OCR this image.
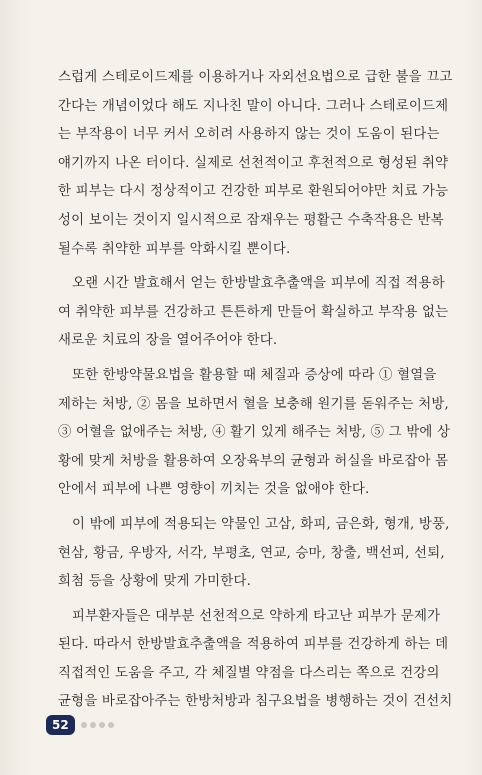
스럽게 스테로이드제를 이용하거나 자외선요법으로 급한 불을 끄고
간다는 개념이었다 해도 지나친 말이 아니다. 그러나 스테로이드제
는 부작용이 너무 커서 오히려 사용하지 않는 것이 도움이 된다는
얘기까지 나온 터이다. 실제로 선천적이고 후천적으로 형성된 취약
한 피부는 다시 정상적이고 건강한 피부로 환원되어야만 치료 가능
성이 보이는 것이지 일시적으로 잠재우는 평활근 수축작용은 반복
될수록 취약한 피부를 악화시킬 뿐이다.
오랜 시간 발효해서 얻는 한방발효추출액을 피부에 직접 적용하
여 취약한 피부를 건강하고 튼튼하게 만들어 확실하고 부작용 없는
새로운 치료의 장을 열어주어야 한다.
또한 한방약물요법을 활용할 때 체질과 증상에 따라 ① 혈열을
제하는 처방, ② 몸을 보하면서 혈을 보충해 원기를 돋워주는 처방,
③ 어혈을 없애주는 처방, ④ 활기 있게 해주는 처방, ⑤ 그 밖에 상
황에 맞게 처방을 활용하여 오장육부의 균형과 허실을 바로잡아 몸
안에서 피부에 나쁜 영향이 끼치는 것을 없애야 한다.
이 밖에 피부에 적용되는 약물인 고삼, 화피, 금은화, 형개, 방풍,
현삼, 황금, 우방자, 서각, 부평초, 연교, 승마, 창출, 백선피, 선퇴,
희첨 등을 상황에 맞게 가미한다.
피부환자들은 대부분 선천적으로 약하게 타고난 피부가 문제가
된다. 따라서 한방발효추출액을 적용하여 피부를 건강하게 하는 데
직접적인 도움을 주고, 각 체질별 약점을 다스리는 쪽으로 건강의
균형을 바로잡아주는 한방처방과 침구요법을 병행하는 것이 건선치
52
